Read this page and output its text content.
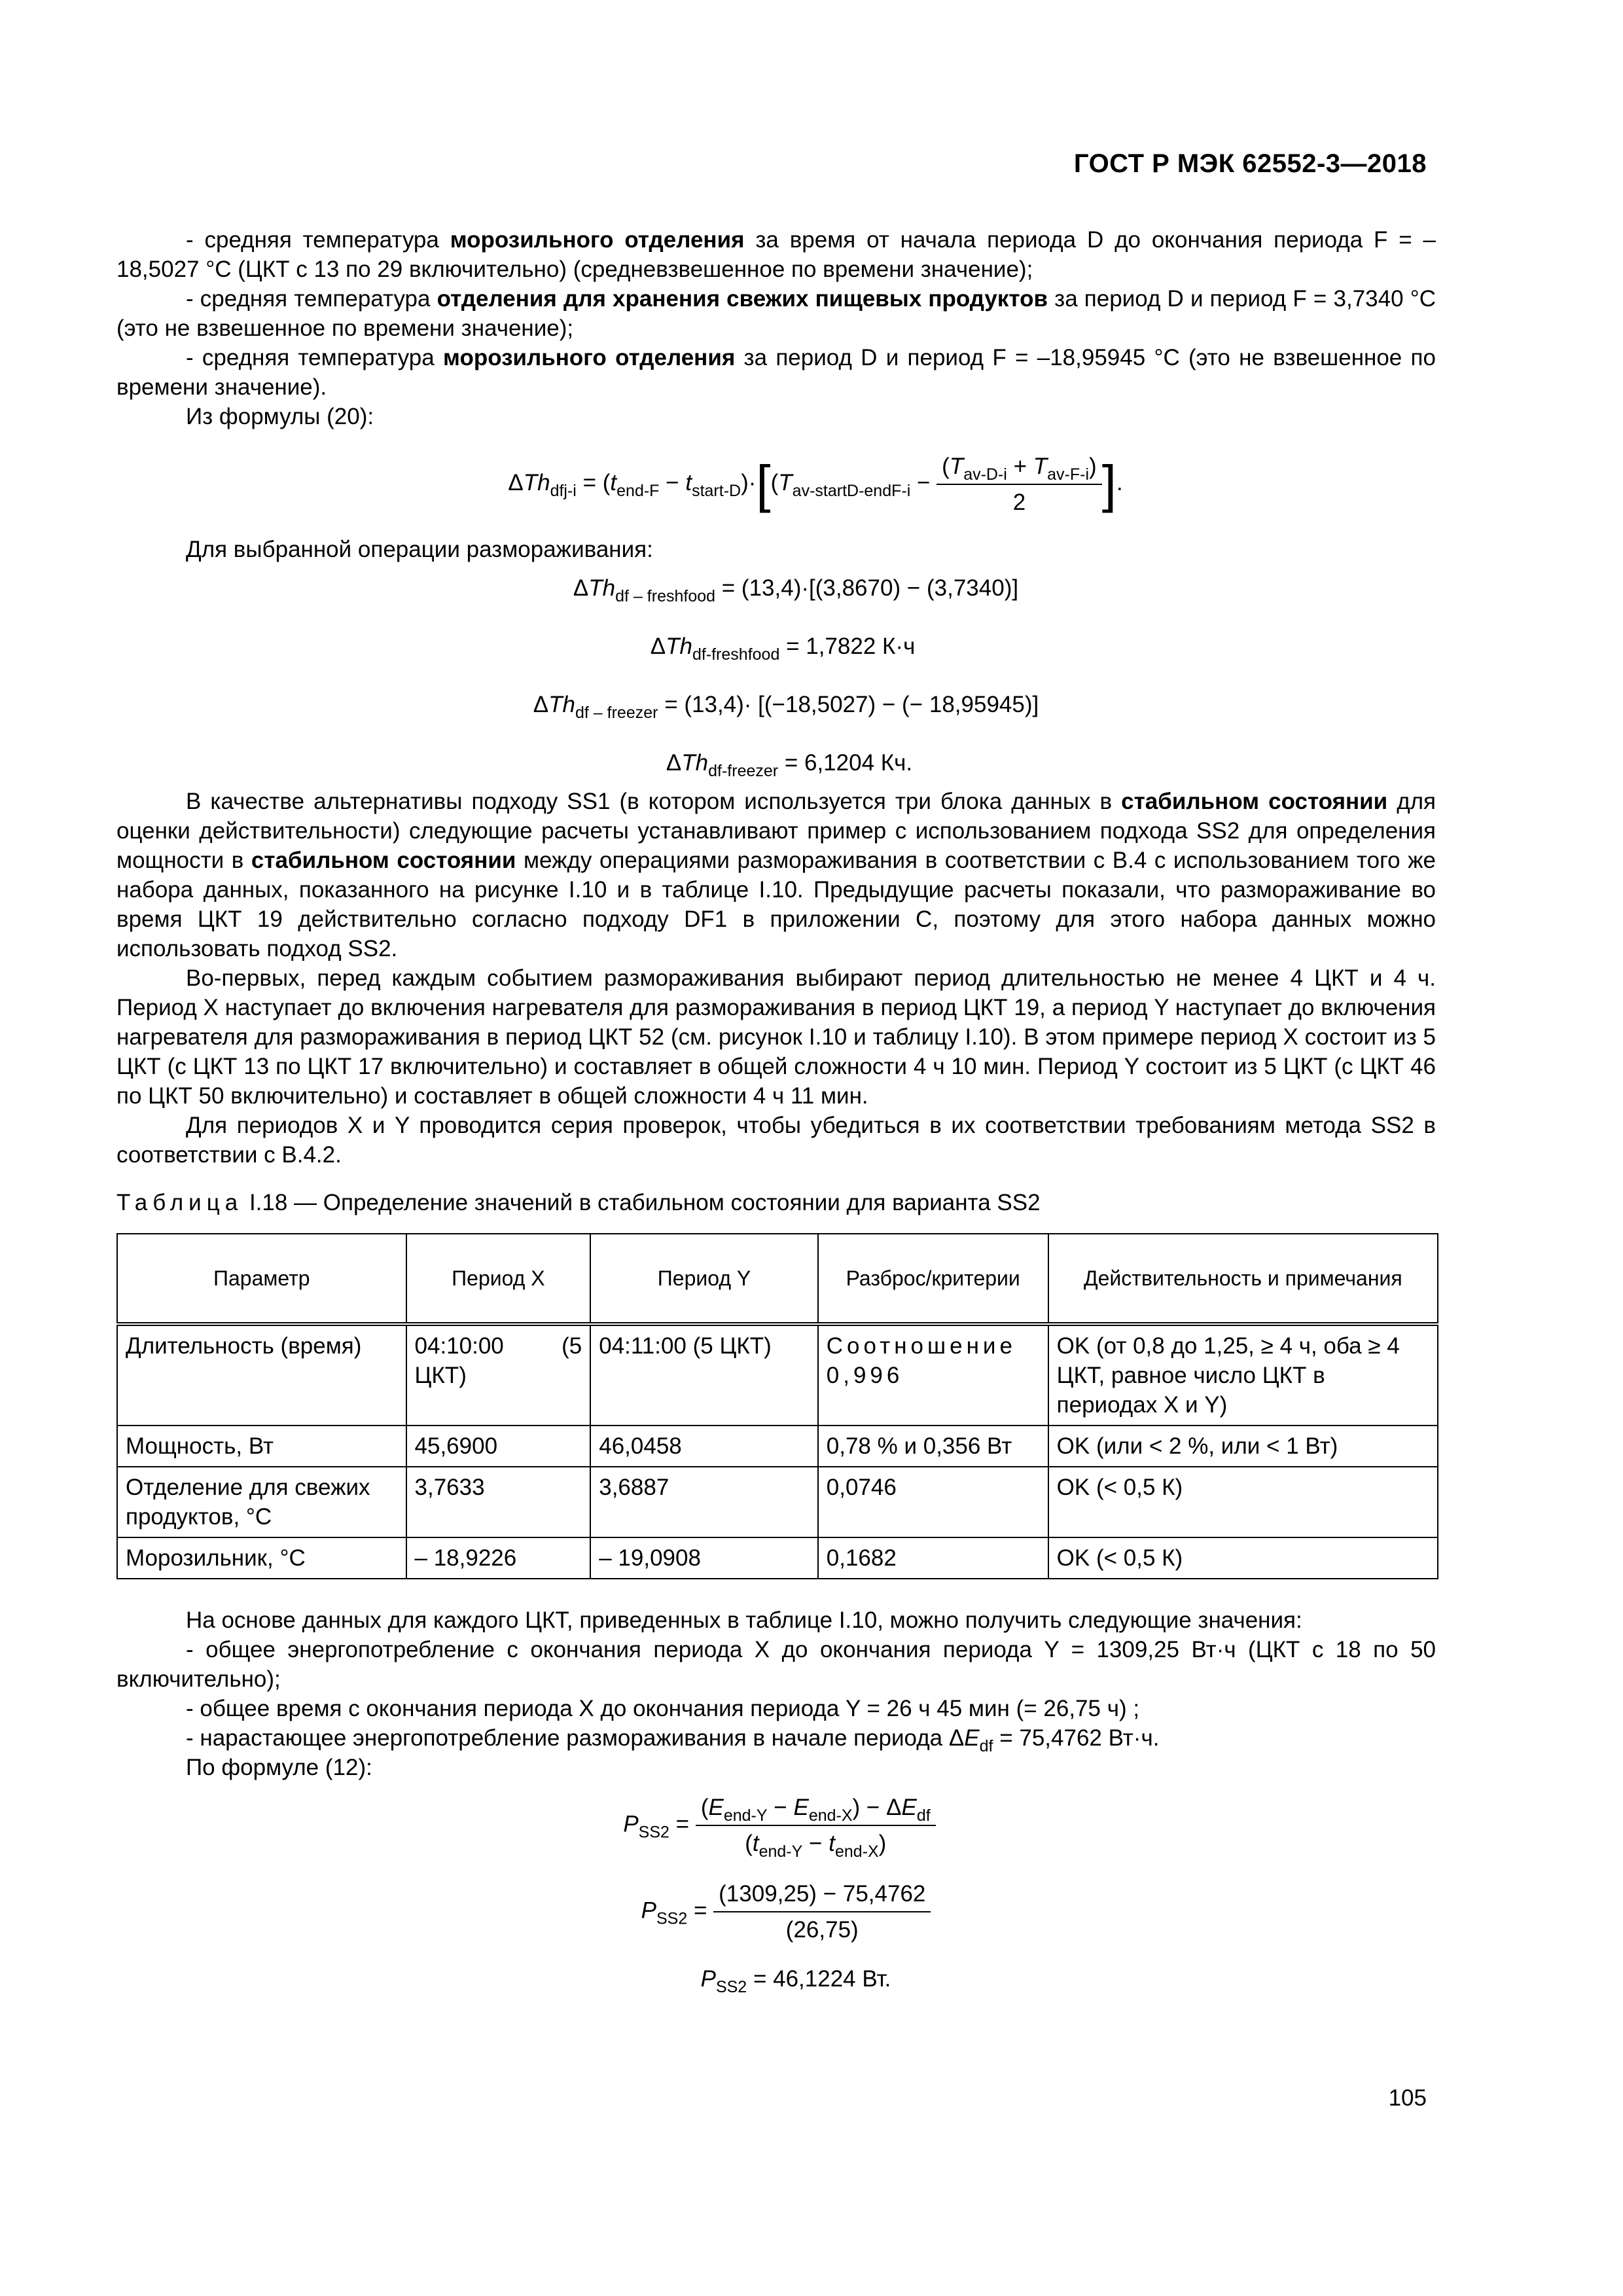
ГОСТ Р МЭК 62552-3—2018

- средняя температура морозильного отделения за время от начала периода D до окончания периода F = –18,5027 °C (ЦКТ с 13 по 29 включительно) (средневзвешенное по времени значение);

- средняя температура отделения для хранения свежих пищевых продуктов за период D и период F = 3,7340 °C (это не взвешенное по времени значение);

- средняя температура морозильного отделения за период D и период F = –18,95945 °C (это не взвешенное по времени значение).

Из формулы (20):

$\Delta Th_{dfj-i} = (t_{end-F} - t_{start-D})\cdot[(T_{av-startD-endF-i} - \frac{(T_{av-D-i} + T_{av-F-i})}{2}$ ].

Для выбранной операции размораживания:

ΔTh$_{df - freshfood}$ = (13,4)·[(3,8670) − (3,7340)]

ΔTh$_{df-freshfood}$ = 1,7822 К·ч

ΔTh$_{df - freezer}$ = (13,4)· [(−18,5027) − (− 18,95945)]

ΔTh$_{df-freezer}$ = 6,1204 Кч.

В качестве альтернативы подходу SS1 (в котором используется три блока данных в стабильном состоянии для оценки действительности) следующие расчеты устанавливают пример с использованием подхода SS2 для определения мощности в стабильном состоянии между операциями размораживания в соответствии с B.4 с использованием того же набора данных, показанного на рисунке I.10 и в таблице I.10. Предыдущие расчеты показали, что размораживание во время ЦКТ 19 действительно согласно подходу DF1 в приложении C, поэтому для этого набора данных можно использовать подход SS2.

Во-первых, перед каждым событием размораживания выбирают период длительностью не менее 4 ЦКТ и 4 ч. Период X наступает до включения нагревателя для размораживания в период ЦКТ 19, а период Y наступает до включения нагревателя для размораживания в период ЦКТ 52 (см. рисунок I.10 и таблицу I.10). В этом примере период X состоит из 5 ЦКТ (с ЦКТ 13 по ЦКТ 17 включительно) и составляет в общей сложности 4 ч 10 мин. Период Y состоит из 5 ЦКТ (с ЦКТ 46 по ЦКТ 50 включительно) и составляет в общей сложности 4 ч 11 мин.

Для периодов X и Y проводится серия проверок, чтобы убедиться в их соответствии требованиям метода SS2 в соответствии с B.4.2.

Таблица I.18 — Определение значений в стабильном состоянии для варианта SS2

Параметр	Период X	Период Y	Разброс/критерии	Действительность и примечания
Длительность (время)	04:10:00 (5 ЦКТ)	04:11:00 (5 ЦКТ)	Соотношение 0,996	OK (от 0,8 до 1,25, ≥ 4 ч, оба ≥ 4 ЦКТ, равное число ЦКТ в периодах X и Y)
Мощность, Вт	45,6900	46,0458	0,78 % и 0,356 Вт	OK (или < 2 %, или < 1 Вт)
Отделение для свежих продуктов, °C	3,7633	3,6887	0,0746	OK (< 0,5 К)
Морозильник, °C	– 18,9226	– 19,0908	0,1682	OK (< 0,5 К)

На основе данных для каждого ЦКТ, приведенных в таблице I.10, можно получить следующие значения:

- общее энергопотребление с окончания периода X до окончания периода Y = 1309,25 Вт·ч (ЦКТ с 18 по 50 включительно);

- общее время с окончания периода X до окончания периода Y = 26 ч 45 мин (= 26,75 ч) ;

- нарастающее энергопотребление размораживания в начале периода $\Delta E_{df} = 75,4762$ Вт·ч.

По формуле (12):

$P_{SS2} = \frac{(E_{end-Y} - E_{end-X}) - \Delta E_{df}}{(t_{end-Y} - t_{end-X})}$

$P_{SS2} = \frac{(1309,25) - 75,4762}{(26,75)}$

$P_{SS2} = 46,1224$ Вт.

105
